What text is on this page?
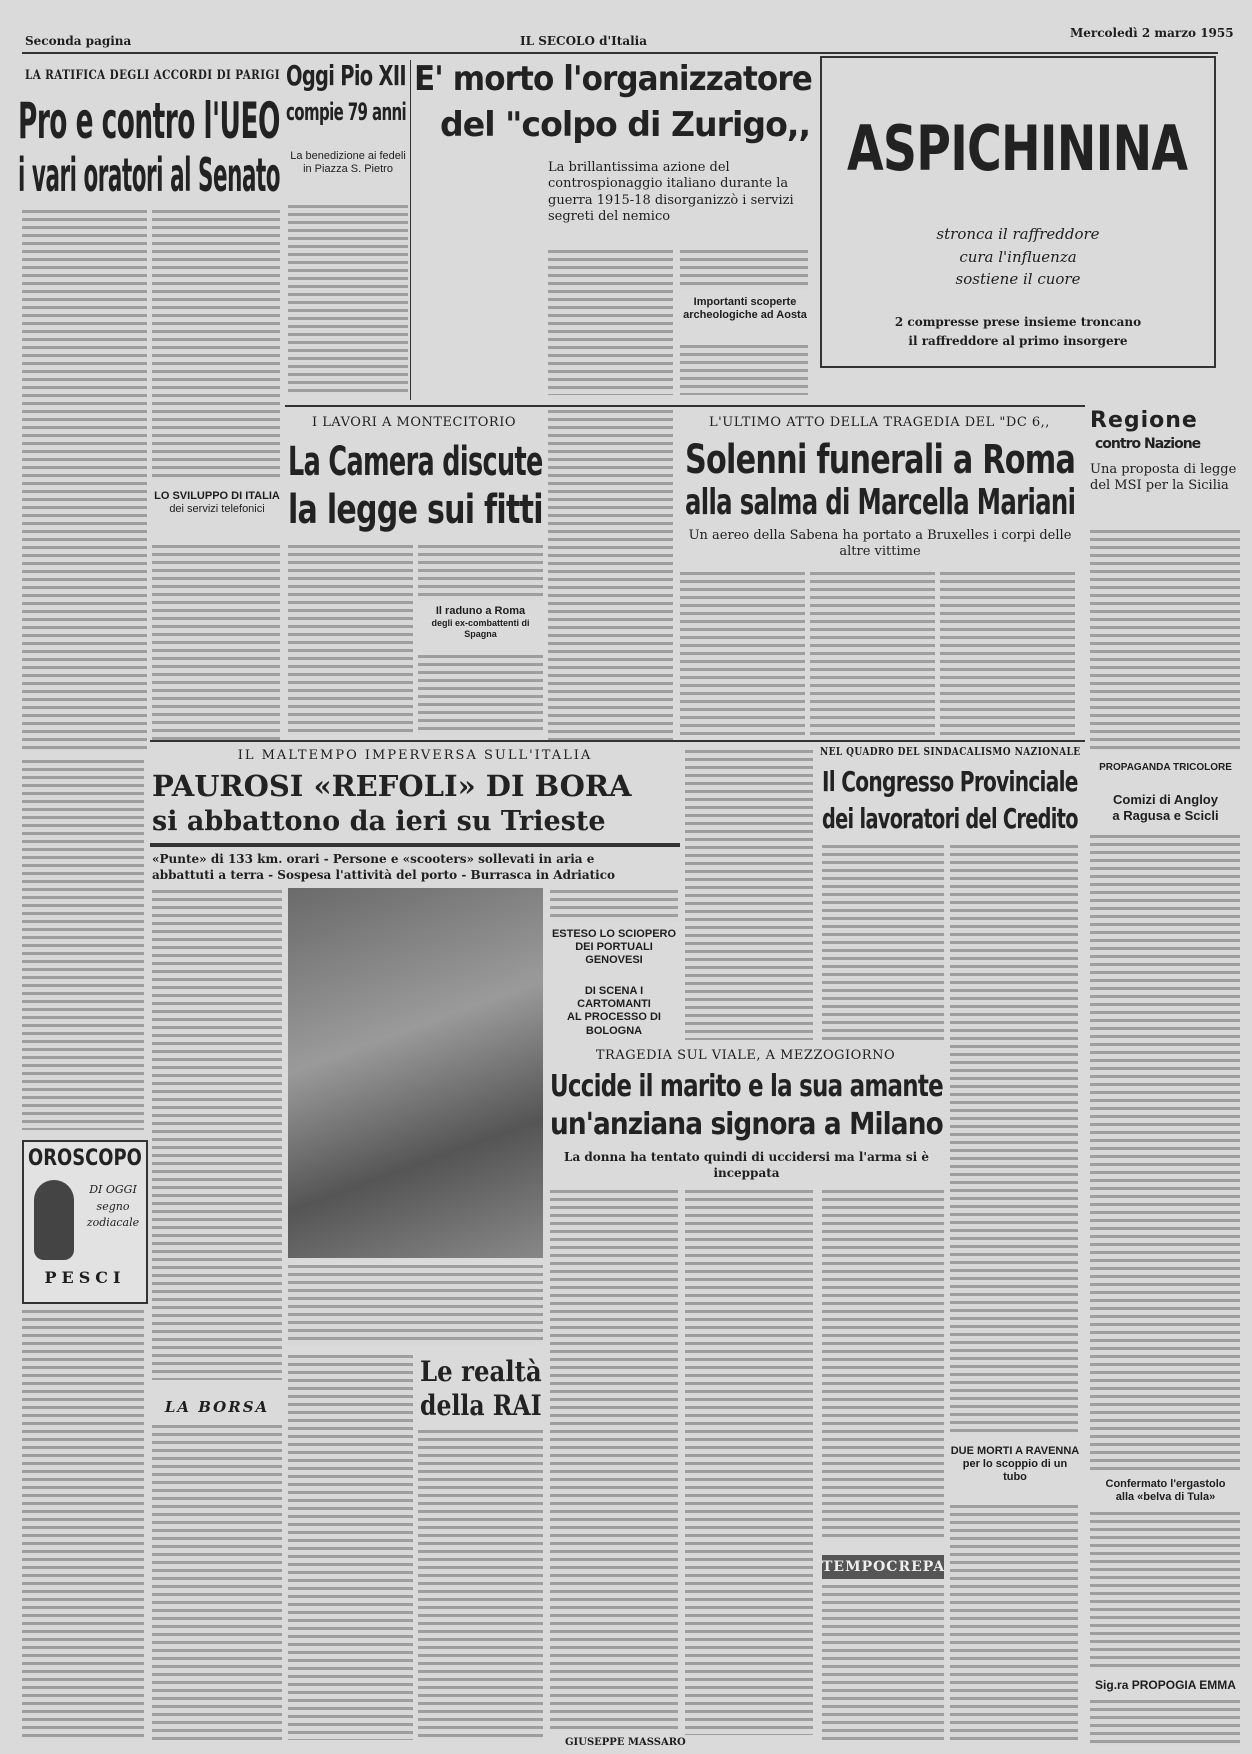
Seconda pagina	IL SECOLO d'Italia
Mercoledì 2 marzo 1955
LA RATIFICA DEGLI ACCORDI DI PARIGI
Pro e contro l'UEO
i vari oratori al Senato
Oggi Pio XII
compie 79 anni
La benedizione ai fedeli in Piazza S. Pietro
E' morto l'organizzatore
del "colpo di Zurigo,,
La brillantissima azione del controspionaggio italiano durante la guerra 1915-18 disorganizzò i servizi segreti del nemico
Importanti scoperte archeologiche ad Aosta
ASPICHININA
stronca il raffreddore
cura l'influenza
sostiene il cuore
2 compresse prese insieme troncano
il raffreddore al primo insorgere
I LAVORI A MONTECITORIO
La Camera discute
la legge sui fitti
Il raduno a Roma
degli ex-combattenti di Spagna
LO SVILUPPO DI ITALIA
dei servizi telefonici
L'ULTIMO ATTO DELLA TRAGEDIA DEL "DC 6,,
Solenni funerali a Roma
alla salma di Marcella Mariani
Un aereo della Sabena ha portato a Bruxelles i corpi delle altre vittime
Regione
contro Nazione
Una proposta di legge del MSI per la Sicilia
IL MALTEMPO IMPERVERSA SULL'ITALIA
PAUROSI «REFOLI» DI BORA
si abbattono da ieri su Trieste
«Punte» di 133 km. orari - Persone e «scooters» sollevati in aria e
abbattuti a terra - Sospesa l'attività del porto - Burrasca in Adriatico
ESTESO LO SCIOPERO
DEI PORTUALI GENOVESI
DI SCENA I CARTOMANTI
AL PROCESSO DI BOLOGNA
NEL QUADRO DEL SINDACALISMO NAZIONALE
Il Congresso Provinciale
dei lavoratori del Credito
PROPAGANDA TRICOLORE
Comizi di Angloy
a Ragusa e Scicli
Confermato l'ergastolo
alla «belva di Tula»
Sig.ra PROPOGIA EMMA
TRAGEDIA SUL VIALE, A MEZZOGIORNO
Uccide il marito e la sua amante
un'anziana signora a Milano
La donna ha tentato quindi di uccidersi ma l'arma si è inceppata
GIUSEPPE MASSARO
OROSCOPO
DI OGGI
segno
zodiacale
PESCI
LA BORSA
Le realtà
della RAI
DUE MORTI A RAVENNA
per lo scoppio di un tubo
TEMPOCREPA
